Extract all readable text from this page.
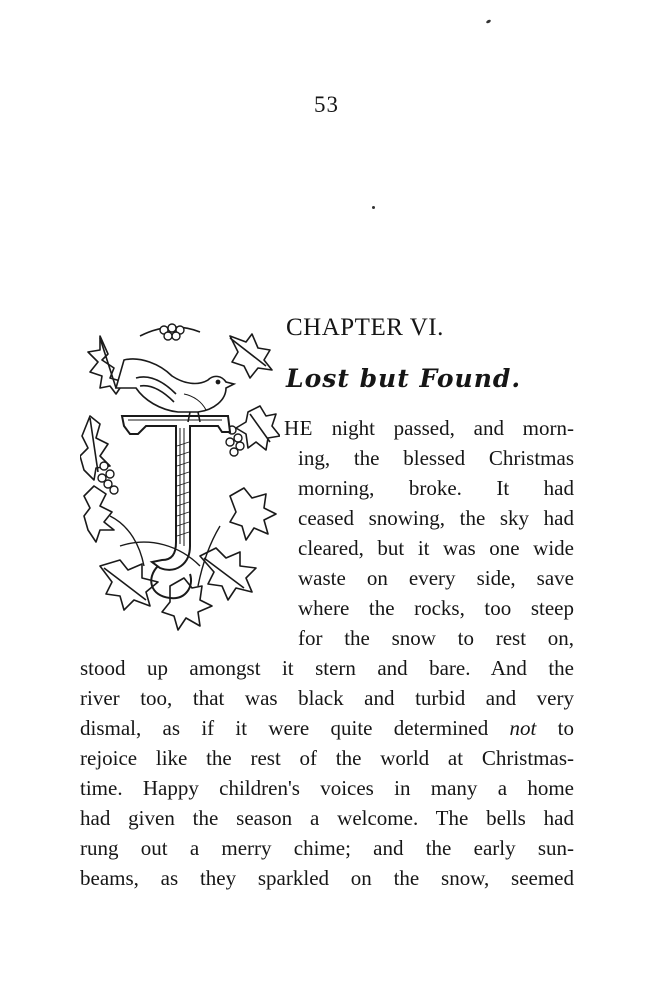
53
CHAPTER VI.
Lost but Found.
HE night passed, and morn-
ing, the blessed Christmas
morning, broke. It had
ceased snowing, the sky had
cleared, but it was one wide
waste on every side, save
where the rocks, too steep
for the snow to rest on,
stood up amongst it stern and bare. And the
river too, that was black and turbid and very
dismal, as if it were quite determined not to
rejoice like the rest of the world at Christmas-
time. Happy children's voices in many a home
had given the season a welcome. The bells had
rung out a merry chime; and the early sun-
beams, as they sparkled on the snow, seemed
